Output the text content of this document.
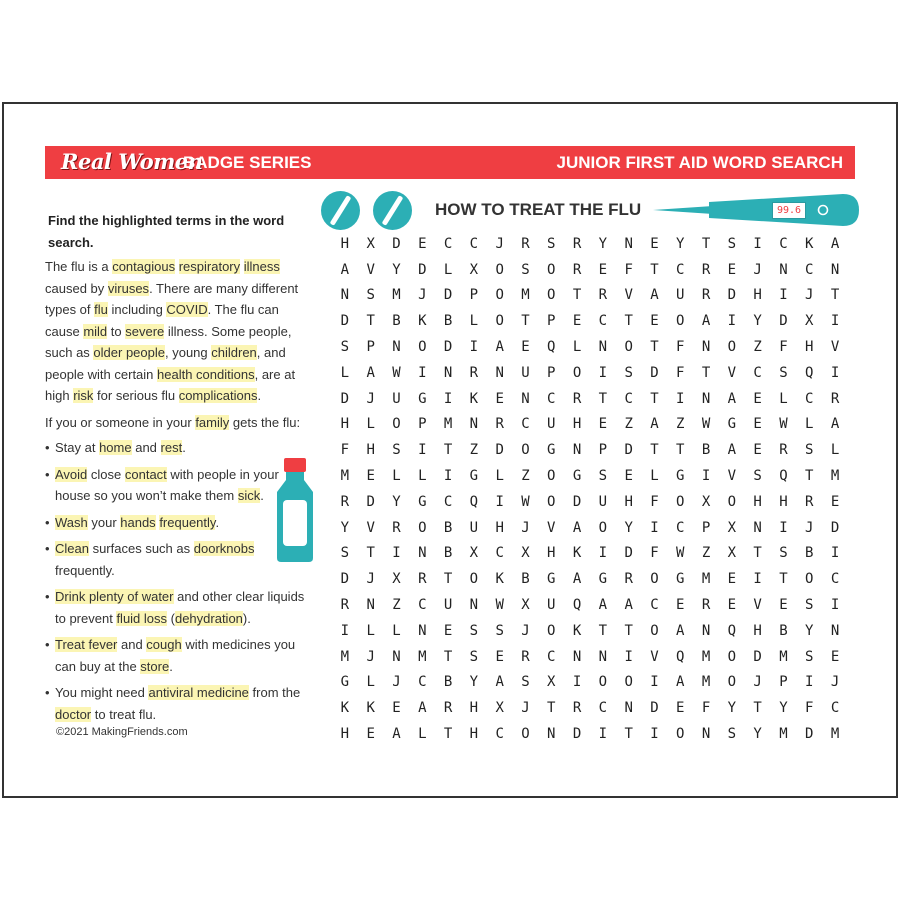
Real Women
BADGE SERIES	JUNIOR FIRST AID WORD SEARCH

Find the highlighted terms in the word search.

The flu is a contagious respiratory illness caused by viruses. There are many different types of flu including COVID. The flu can cause mild to severe illness. Some people, such as older people, young children, and people with certain health conditions, are at high risk for serious flu complications.

If you or someone in your family gets the flu:

• Stay at home and rest.
• Avoid close contact with people in your house so you won’t make them sick.
• Wash your hands frequently.
• Clean surfaces such as doorknobs frequently.
• Drink plenty of water and other clear liquids to prevent fluid loss (dehydration).
• Treat fever and cough with medicines you can buy at the store.
• You might need antiviral medicine from the doctor to treat flu.
HOW TO TREAT THE FLU	99.6
H	X	D	E	C	C	J	R	S	R	Y	N	E	Y	T	S	I	C	K	A
A	V	Y	D	L	X	O	S	O	R	E	F	T	C	R	E	J	N	C	N
N	S	M	J	D	P	O	M	O	T	R	V	A	U	R	D	H	I	J	T
D	T	B	K	B	L	O	T	P	E	C	T	E	O	A	I	Y	D	X	I
S	P	N	O	D	I	A	E	Q	L	N	O	T	F	N	O	Z	F	H	V
L	A	W	I	N	R	N	U	P	O	I	S	D	F	T	V	C	S	Q	I
D	J	U	G	I	K	E	N	C	R	T	C	T	I	N	A	E	L	C	R
H	L	O	P	M	N	R	C	U	H	E	Z	A	Z	W	G	E	W	L	A
F	H	S	I	T	Z	D	O	G	N	P	D	T	T	B	A	E	R	S	L
M	E	L	L	I	G	L	Z	O	G	S	E	L	G	I	V	S	Q	T	M
R	D	Y	G	C	Q	I	W	O	D	U	H	F	O	X	O	H	H	R	E
Y	V	R	O	B	U	H	J	V	A	O	Y	I	C	P	X	N	I	J	D
S	T	I	N	B	X	C	X	H	K	I	D	F	W	Z	X	T	S	B	I
D	J	X	R	T	O	K	B	G	A	G	R	O	G	M	E	I	T	O	C
R	N	Z	C	U	N	W	X	U	Q	A	A	C	E	R	E	V	E	S	I
I	L	L	N	E	S	S	J	O	K	T	T	O	A	N	Q	H	B	Y	N
M	J	N	M	T	S	E	R	C	N	N	I	V	Q	M	O	D	M	S	E
G	L	J	C	B	Y	A	S	X	I	O	O	I	A	M	O	J	P	I	J
K	K	E	A	R	H	X	J	T	R	C	N	D	E	F	Y	T	Y	F	C
H	E	A	L	T	H	C	O	N	D	I	T	I	O	N	S	Y	M	D	M
©2021 MakingFriends.com
